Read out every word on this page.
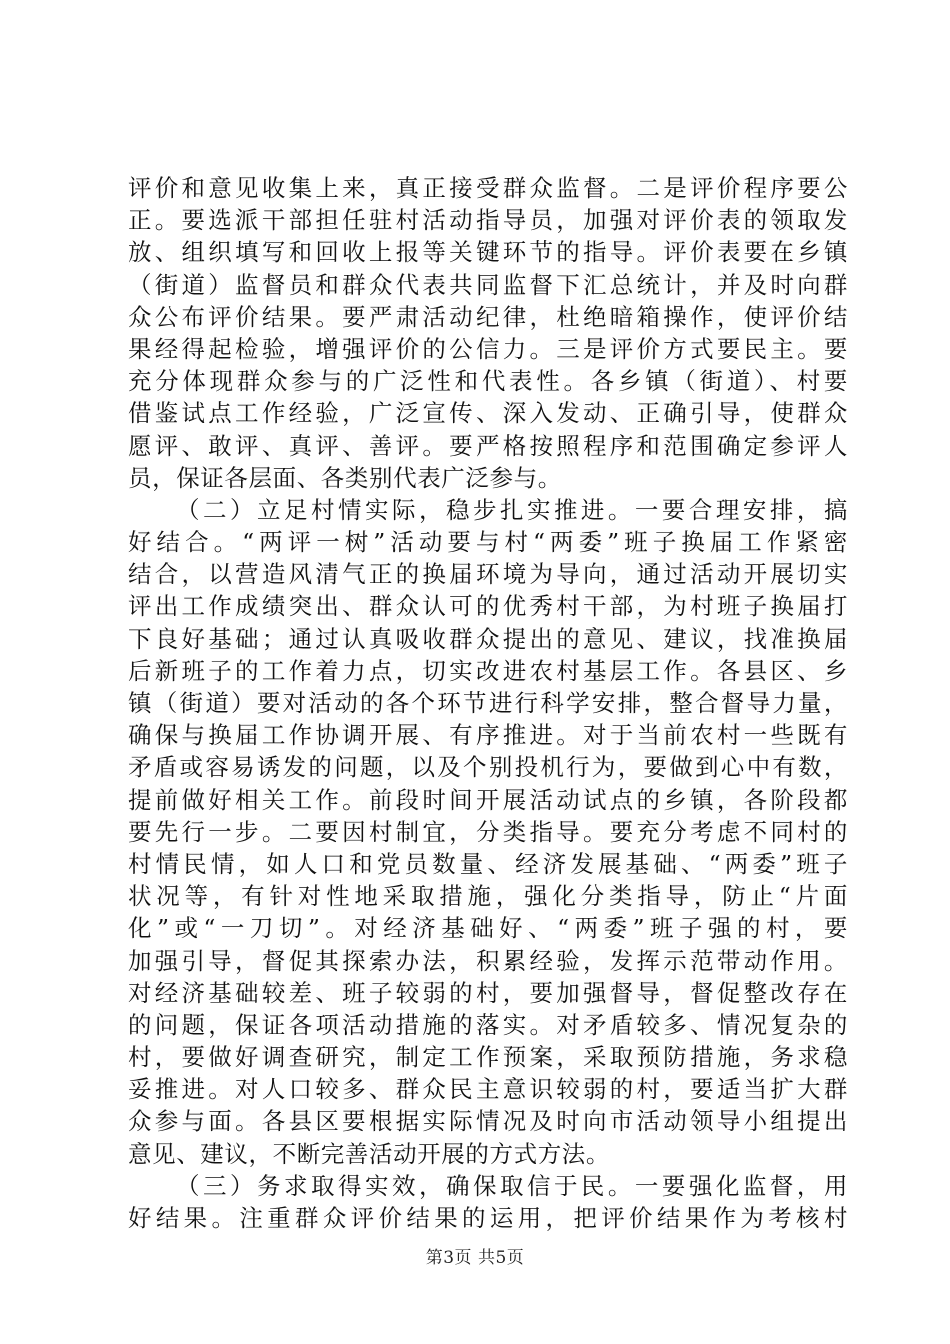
评价和意见收集上来，真正接受群众监督。二是评价程序要公
正。要选派干部担任驻村活动指导员，加强对评价表的领取发
放、组织填写和回收上报等关键环节的指导。评价表要在乡镇
（街道）监督员和群众代表共同监督下汇总统计，并及时向群
众公布评价结果。要严肃活动纪律，杜绝暗箱操作，使评价结
果经得起检验，增强评价的公信力。三是评价方式要民主。要
充分体现群众参与的广泛性和代表性。各乡镇（街道）、村要
借鉴试点工作经验，广泛宣传、深入发动、正确引导，使群众
愿评、敢评、真评、善评。要严格按照程序和范围确定参评人
员，保证各层面、各类别代表广泛参与。
（二）立足村情实际，稳步扎实推进。一要合理安排，搞
好结合。“两评一树”活动要与村“两委”班子换届工作紧密
结合，以营造风清气正的换届环境为导向，通过活动开展切实
评出工作成绩突出、群众认可的优秀村干部，为村班子换届打
下良好基础；通过认真吸收群众提出的意见、建议，找准换届
后新班子的工作着力点，切实改进农村基层工作。各县区、乡
镇（街道）要对活动的各个环节进行科学安排，整合督导力量，
确保与换届工作协调开展、有序推进。对于当前农村一些既有
矛盾或容易诱发的问题，以及个别投机行为，要做到心中有数，
提前做好相关工作。前段时间开展活动试点的乡镇，各阶段都
要先行一步。二要因村制宜，分类指导。要充分考虑不同村的
村情民情，如人口和党员数量、经济发展基础、“两委”班子
状况等，有针对性地采取措施，强化分类指导，防止“片面
化”或“一刀切”。对经济基础好、“两委”班子强的村，要
加强引导，督促其探索办法，积累经验，发挥示范带动作用。
对经济基础较差、班子较弱的村，要加强督导，督促整改存在
的问题，保证各项活动措施的落实。对矛盾较多、情况复杂的
村，要做好调查研究，制定工作预案，采取预防措施，务求稳
妥推进。对人口较多、群众民主意识较弱的村，要适当扩大群
众参与面。各县区要根据实际情况及时向市活动领导小组提出
意见、建议，不断完善活动开展的方式方法。
（三）务求取得实效，确保取信于民。一要强化监督，用
好结果。注重群众评价结果的运用，把评价结果作为考核村
第3页 共5页
